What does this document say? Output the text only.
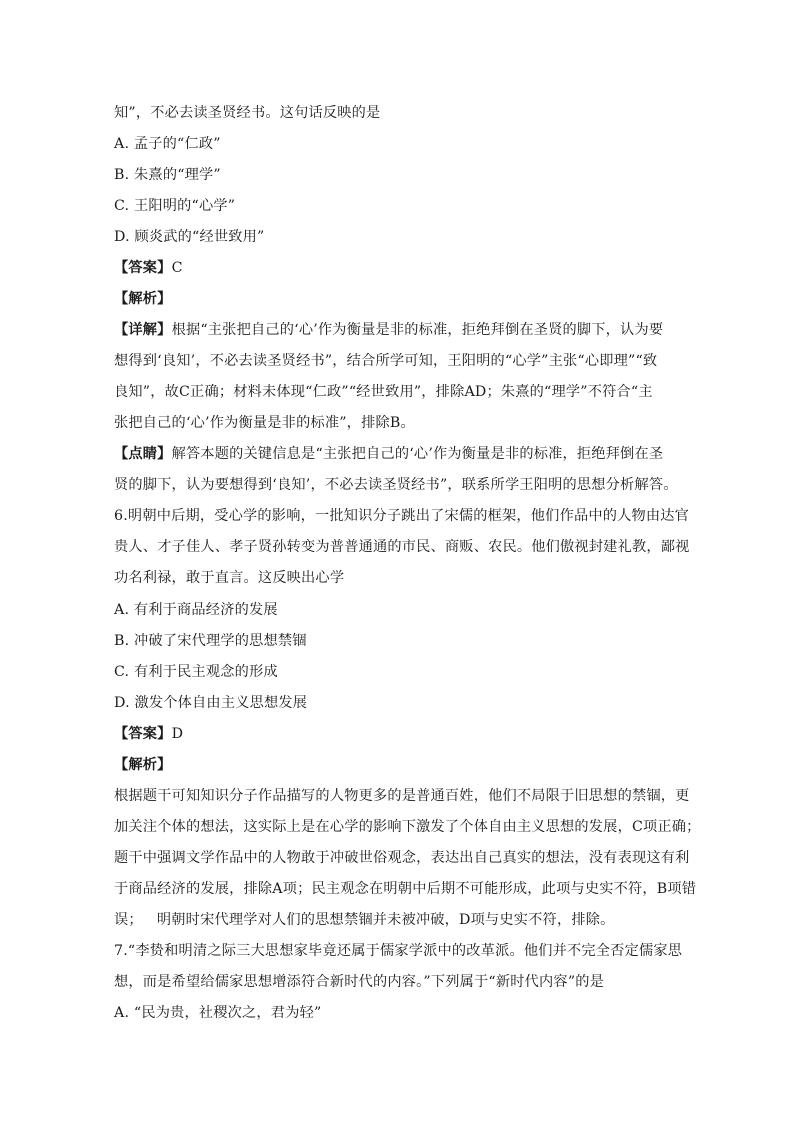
知”，不必去读圣贤经书。这句话反映的是
A. 孟子的“仁政”
B. 朱熹的“理学”
C. 王阳明的“心学”
D. 顾炎武的“经世致用”
【答案】C
【解析】
【详解】根据“主张把自己的‘心’作为衡量是非的标准，拒绝拜倒在圣贤的脚下，认为要
想得到‘良知’，不必去读圣贤经书”，结合所学可知，王阳明的“心学”主张“心即理”“致
良知”，故C正确；材料未体现“仁政”“经世致用”，排除AD；朱熹的“理学”不符合“主
张把自己的‘心’作为衡量是非的标准”，排除B。
【点睛】解答本题的关键信息是“主张把自己的‘心’作为衡量是非的标准，拒绝拜倒在圣
贤的脚下，认为要想得到‘良知’，不必去读圣贤经书”，联系所学王阳明的思想分析解答。
6.明朝中后期，受心学的影响，一批知识分子跳出了宋儒的框架，他们作品中的人物由达官
贵人、才子佳人、孝子贤孙转变为普普通通的市民、商贩、农民。他们傲视封建礼教，鄙视
功名利禄，敢于直言。这反映出心学
A. 有利于商品经济的发展
B. 冲破了宋代理学的思想禁锢
C. 有利于民主观念的形成
D. 激发个体自由主义思想发展
【答案】D
【解析】
根据题干可知知识分子作品描写的人物更多的是普通百姓，他们不局限于旧思想的禁锢，更
加关注个体的想法，这实际上是在心学的影响下激发了个体自由主义思想的发展，C项正确；
题干中强调文学作品中的人物敢于冲破世俗观念，表达出自己真实的想法，没有表现这有利
于商品经济的发展，排除A项；民主观念在明朝中后期不可能形成，此项与史实不符，B项错
误；   明朝时宋代理学对人们的思想禁锢并未被冲破，D项与史实不符，排除。
7.“李贽和明清之际三大思想家毕竟还属于儒家学派中的改革派。他们并不完全否定儒家思
想，而是希望给儒家思想增添符合新时代的内容。”下列属于“新时代内容”的是
A. “民为贵，社稷次之，君为轻”
